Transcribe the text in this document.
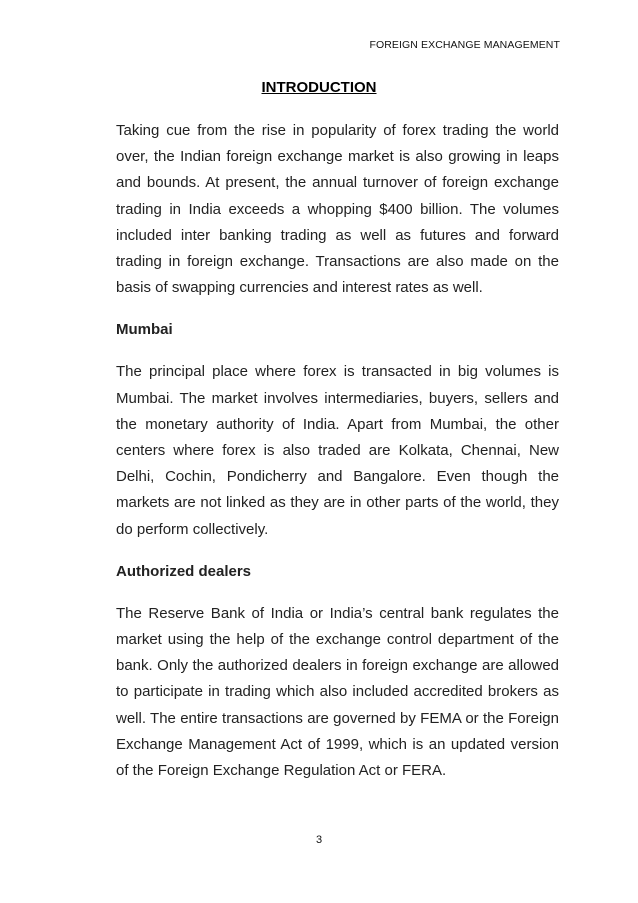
FOREIGN EXCHANGE MANAGEMENT
INTRODUCTION

Taking cue from the rise in popularity of forex trading the world over, the Indian foreign exchange market is also growing in leaps and bounds. At present, the annual turnover of foreign exchange trading in India exceeds a whopping $400 billion. The volumes included inter banking trading as well as futures and forward trading in foreign exchange. Transactions are also made on the basis of swapping currencies and interest rates as well.

Mumbai

The principal place where forex is transacted in big volumes is Mumbai. The market involves intermediaries, buyers, sellers and the monetary authority of India. Apart from Mumbai, the other centers where forex is also traded are Kolkata, Chennai, New Delhi, Cochin, Pondicherry and Bangalore. Even though the markets are not linked as they are in other parts of the world, they do perform collectively.

Authorized dealers

The Reserve Bank of India or India’s central bank regulates the market using the help of the exchange control department of the bank. Only the authorized dealers in foreign exchange are allowed to participate in trading which also included accredited brokers as well. The entire transactions are governed by FEMA or the Foreign Exchange Management Act of 1999, which is an updated version of the Foreign Exchange Regulation Act or FERA.

3
